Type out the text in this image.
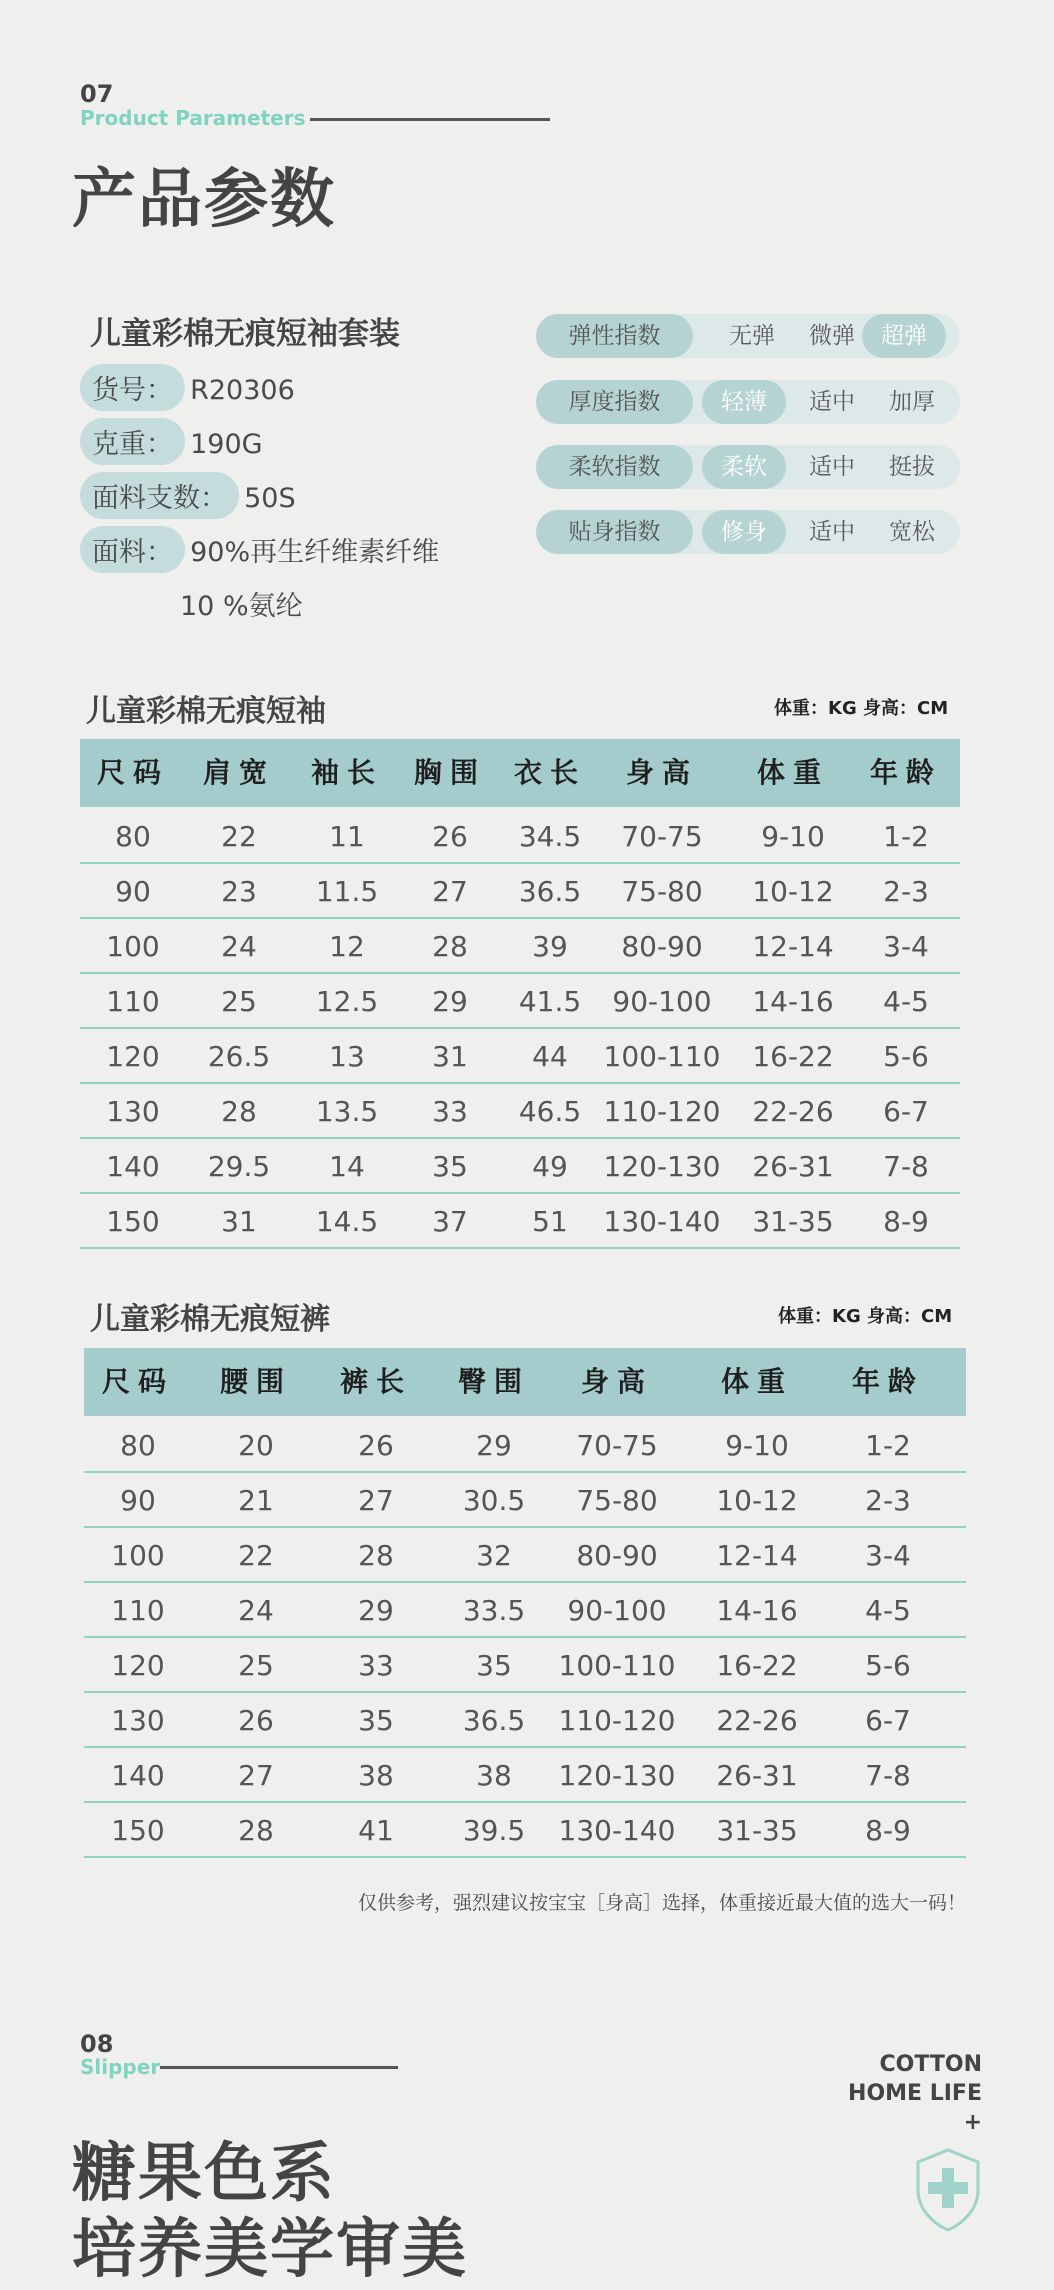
07
Product Parameters
产品参数
儿童彩棉无痕短袖套装
货号： R20306
克重： 190G
面料支数： 50S
面料： 90%再生纤维素纤维
10 %氨纶
弹性指数	无弹	微弹	超弹
厚度指数	轻薄	适中	加厚
柔软指数	柔软	适中	挺拔
贴身指数	修身	适中	宽松
儿童彩棉无痕短袖	体重：KG 身高：CM
尺码 肩宽 袖长 胸围 衣长 身高 体重 年龄
80	22	11 26 34.5 70-75 9-10 1-2
90	23 11.5 27 36.5 75-80 10-12 2-3
100 24	12 28 39 80-90 12-14 3-4
110 25 12.5 29 41.5 90-100 14-16 4-5
120 26.5 13 31 44 100-110 16-22 5-6
130 28 13.5 33 46.5 110-120 22-26 6-7
140 29.5 14 35 49 120-130 26-31 7-8
150 31 14.5 37 51 130-140 31-35 8-9
儿童彩棉无痕短裤	体重：KG 身高：CM
尺码 腰围 裤长 臀围 身高 体重 年龄
80	20	26	29 70-75 9-10	1-2
90	21	27 30.5 75-80 10-12 2-3
100	22	28	32 80-90 12-14 3-4
110	24	29 33.5 90-100 14-16 4-5
120	25	33	35 100-110 16-22 5-6
130	26	35 36.5 110-120 22-26 6-7
140	27	38	38 120-130 26-31 7-8
150	28	41 39.5 130-140 31-35 8-9
仅供参考，强烈建议按宝宝［身高］选择，体重接近最大值的选大一码！
08
Slipper
糖果色系
培养美学审美
COTTON
HOME LIFE
+
